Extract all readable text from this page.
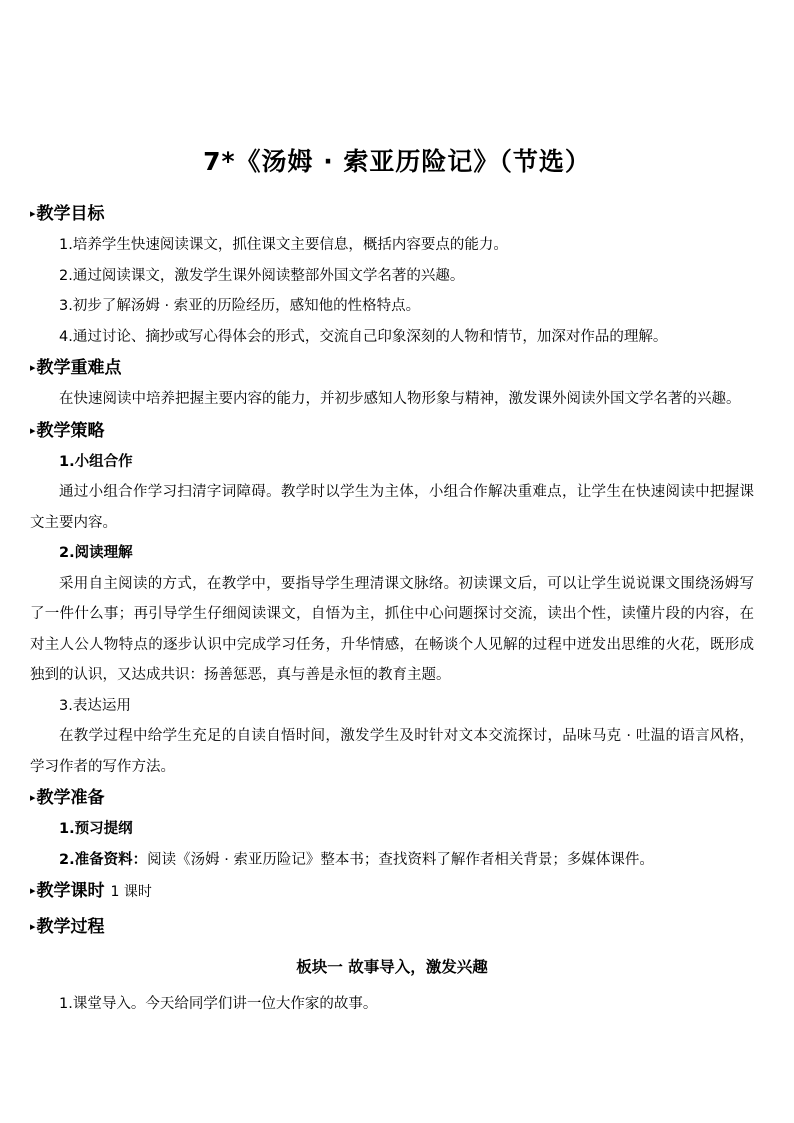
7*《汤姆 · 索亚历险记》（节选）
▸教学目标

1.培养学生快速阅读课文，抓住课文主要信息，概括内容要点的能力。

2.通过阅读课文，激发学生课外阅读整部外国文学名著的兴趣。

3.初步了解汤姆 · 索亚的历险经历，感知他的性格特点。

4.通过讨论、摘抄或写心得体会的形式，交流自己印象深刻的人物和情节，加深对作品的理解。

▸教学重难点

在快速阅读中培养把握主要内容的能力，并初步感知人物形象与精神，激发课外阅读外国文学名著的兴趣。

▸教学策略
1.小组合作

通过小组合作学习扫清字词障碍。教学时以学生为主体，小组合作解决重难点，让学生在快速阅读中把握课文主要内容。

2.阅读理解

采用自主阅读的方式，在教学中，要指导学生理清课文脉络。初读课文后，可以让学生说说课文围绕汤姆写了一件什么事；再引导学生仔细阅读课文，自悟为主，抓住中心问题探讨交流，读出个性，读懂片段的内容，在对主人公人物特点的逐步认识中完成学习任务，升华情感，在畅谈个人见解的过程中迸发出思维的火花，既形成独到的认识，又达成共识：扬善惩恶，真与善是永恒的教育主题。

3.表达运用

在教学过程中给学生充足的自读自悟时间，激发学生及时针对文本交流探讨，品味马克 · 吐温的语言风格，学习作者的写作方法。

▸教学准备
1.预习提纲
2.准备资料：阅读《汤姆 · 索亚历险记》整本书；查找资料了解作者相关背景；多媒体课件。
▸教学课时 1 课时
▸教学过程
板块一 故事导入，激发兴趣

1.课堂导入。今天给同学们讲一位大作家的故事。
